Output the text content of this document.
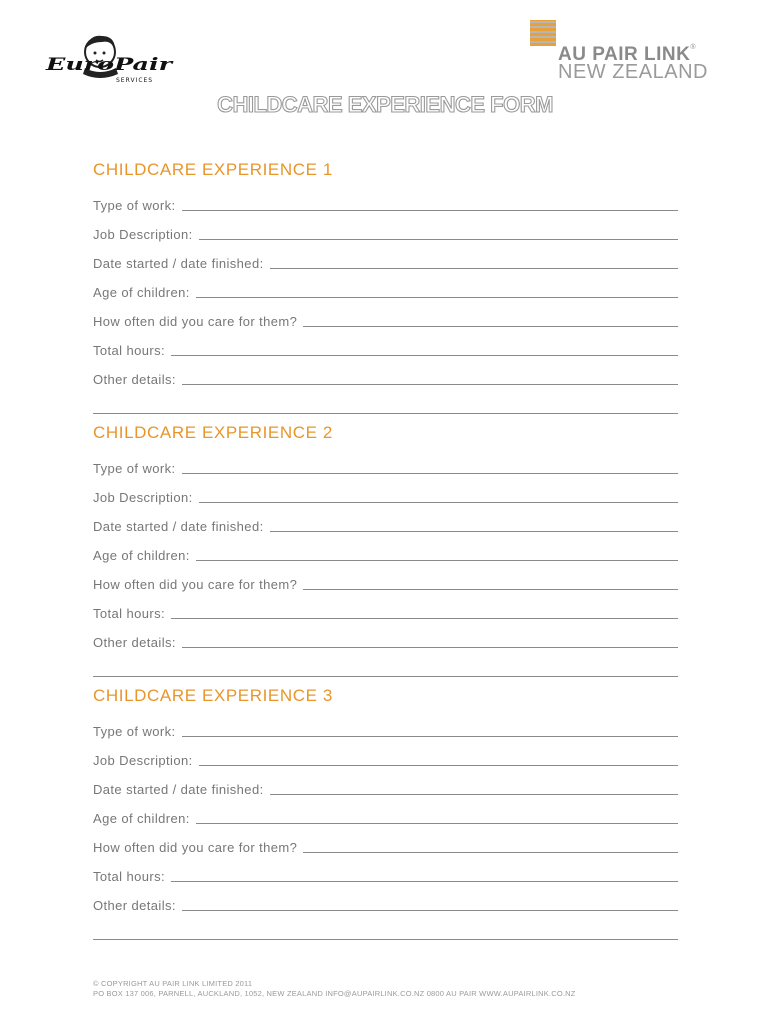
EuroPair
SERVICES
AU PAIR LINK®
NEW ZEALAND
CHILDCARE EXPERIENCE FORM
CHILDCARE EXPERIENCE 1
Type of work:
Job Description:
Date started / date finished:
Age of children:
How often did you care for them?
Total hours:
Other details:
CHILDCARE EXPERIENCE 2
Type of work:
Job Description:
Date started / date finished:
Age of children:
How often did you care for them?
Total hours:
Other details:
CHILDCARE EXPERIENCE 3
Type of work:
Job Description:
Date started / date finished:
Age of children:
How often did you care for them?
Total hours:
Other details:
© COPYRIGHT AU PAIR LINK LIMITED 2011
PO BOX 137 006, PARNELL, AUCKLAND, 1052, NEW ZEALAND INFO@AUPAIRLINK.CO.NZ 0800 AU PAIR WWW.AUPAIRLINK.CO.NZ
